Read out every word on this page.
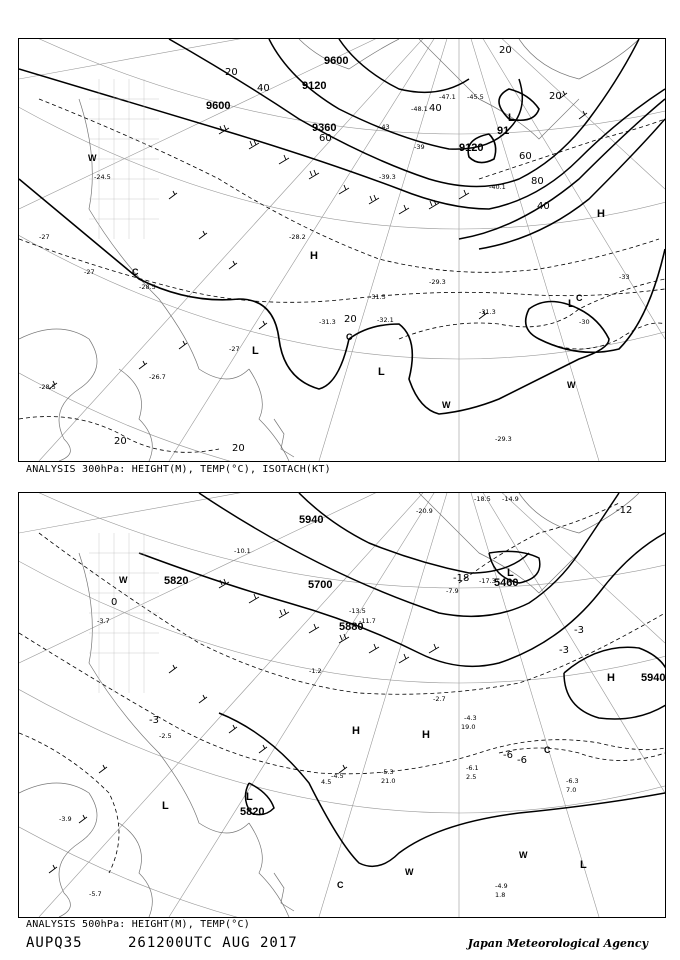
9600
9360
9120
9120
9600
91
H
H
L
L
L
L
C
C
C
W
W
W
20
40
60
80
40
20
20
20
20
40
60
20
-24.5
-27
-27
-28.5
-29.3
-31.3
-31.5
-32.1
-33
-30
-29.3
-27
-39
-43
-45.5
-47.1
-48.1
-40.1
-39.3
-28.2
-26.7
-28.5
-31.3
ANALYSIS 300hPa: HEIGHT(M), TEMP(°C), ISOTACH(KT)
5820	5700
5880
5460
5940
5820
5940
H	H
H
L
L
L
L
C
C
W
W
W
-12
-18
-6
-3
-6
-3
0
-3
-18.5 -14.9
-20.9
-17.3
-13.5
-11.7
-10.1
-7.9
-4.5
-6.1
-6.3
-5.3
-3.9
-4.3
-5.7
-3.7
-4.9
-2.5
-2.7
-1.2
4.5
19.0
21.0	2.5
7.0
1.8
ANALYSIS 500hPa: HEIGHT(M), TEMP(°C)
AUPQ35	261200UTC AUG 2017	Japan Meteorological Agency
